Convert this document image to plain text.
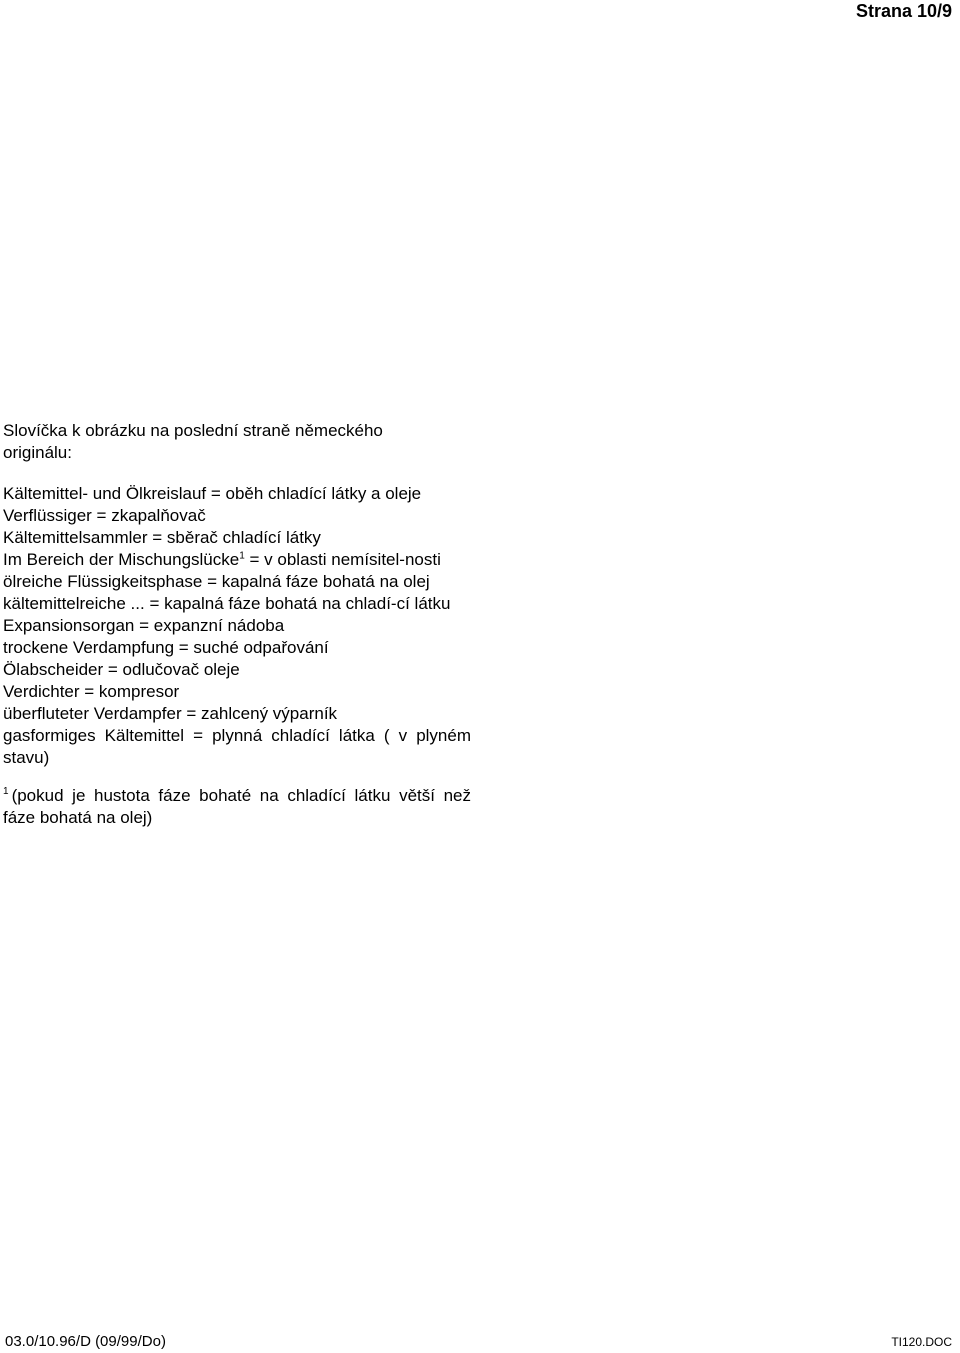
Strana 10/9

Slovíčka k obrázku na poslední straně německého

originálu:

Kältemittel- und Ölkreislauf = oběh chladící látky a oleje

Verflüssiger = zkapalňovač

Kältemittelsammler = sběrač chladící látky

Im Bereich der Mischungslücke$^1$ = v oblasti nemísitel-nosti

ölreiche Flüssigkeitsphase = kapalná fáze bohatá na olej

kältemittelreiche ... = kapalná fáze bohatá na chladí-cí látku

Expansionsorgan = expanzní nádoba

trockene Verdampfung = suché odpařování

Ölabscheider = odlučovač oleje

Verdichter = kompresor

überfluteter Verdampfer = zahlcený výparník

gasformiges Kältemittel = plynná chladící látka ( v plyném stavu)

$^1$ (pokud je hustota fáze bohaté na chladící látku větší než fáze bohatá na olej)

03.0/10.96/D (09/99/Do)	TI120.DOC
